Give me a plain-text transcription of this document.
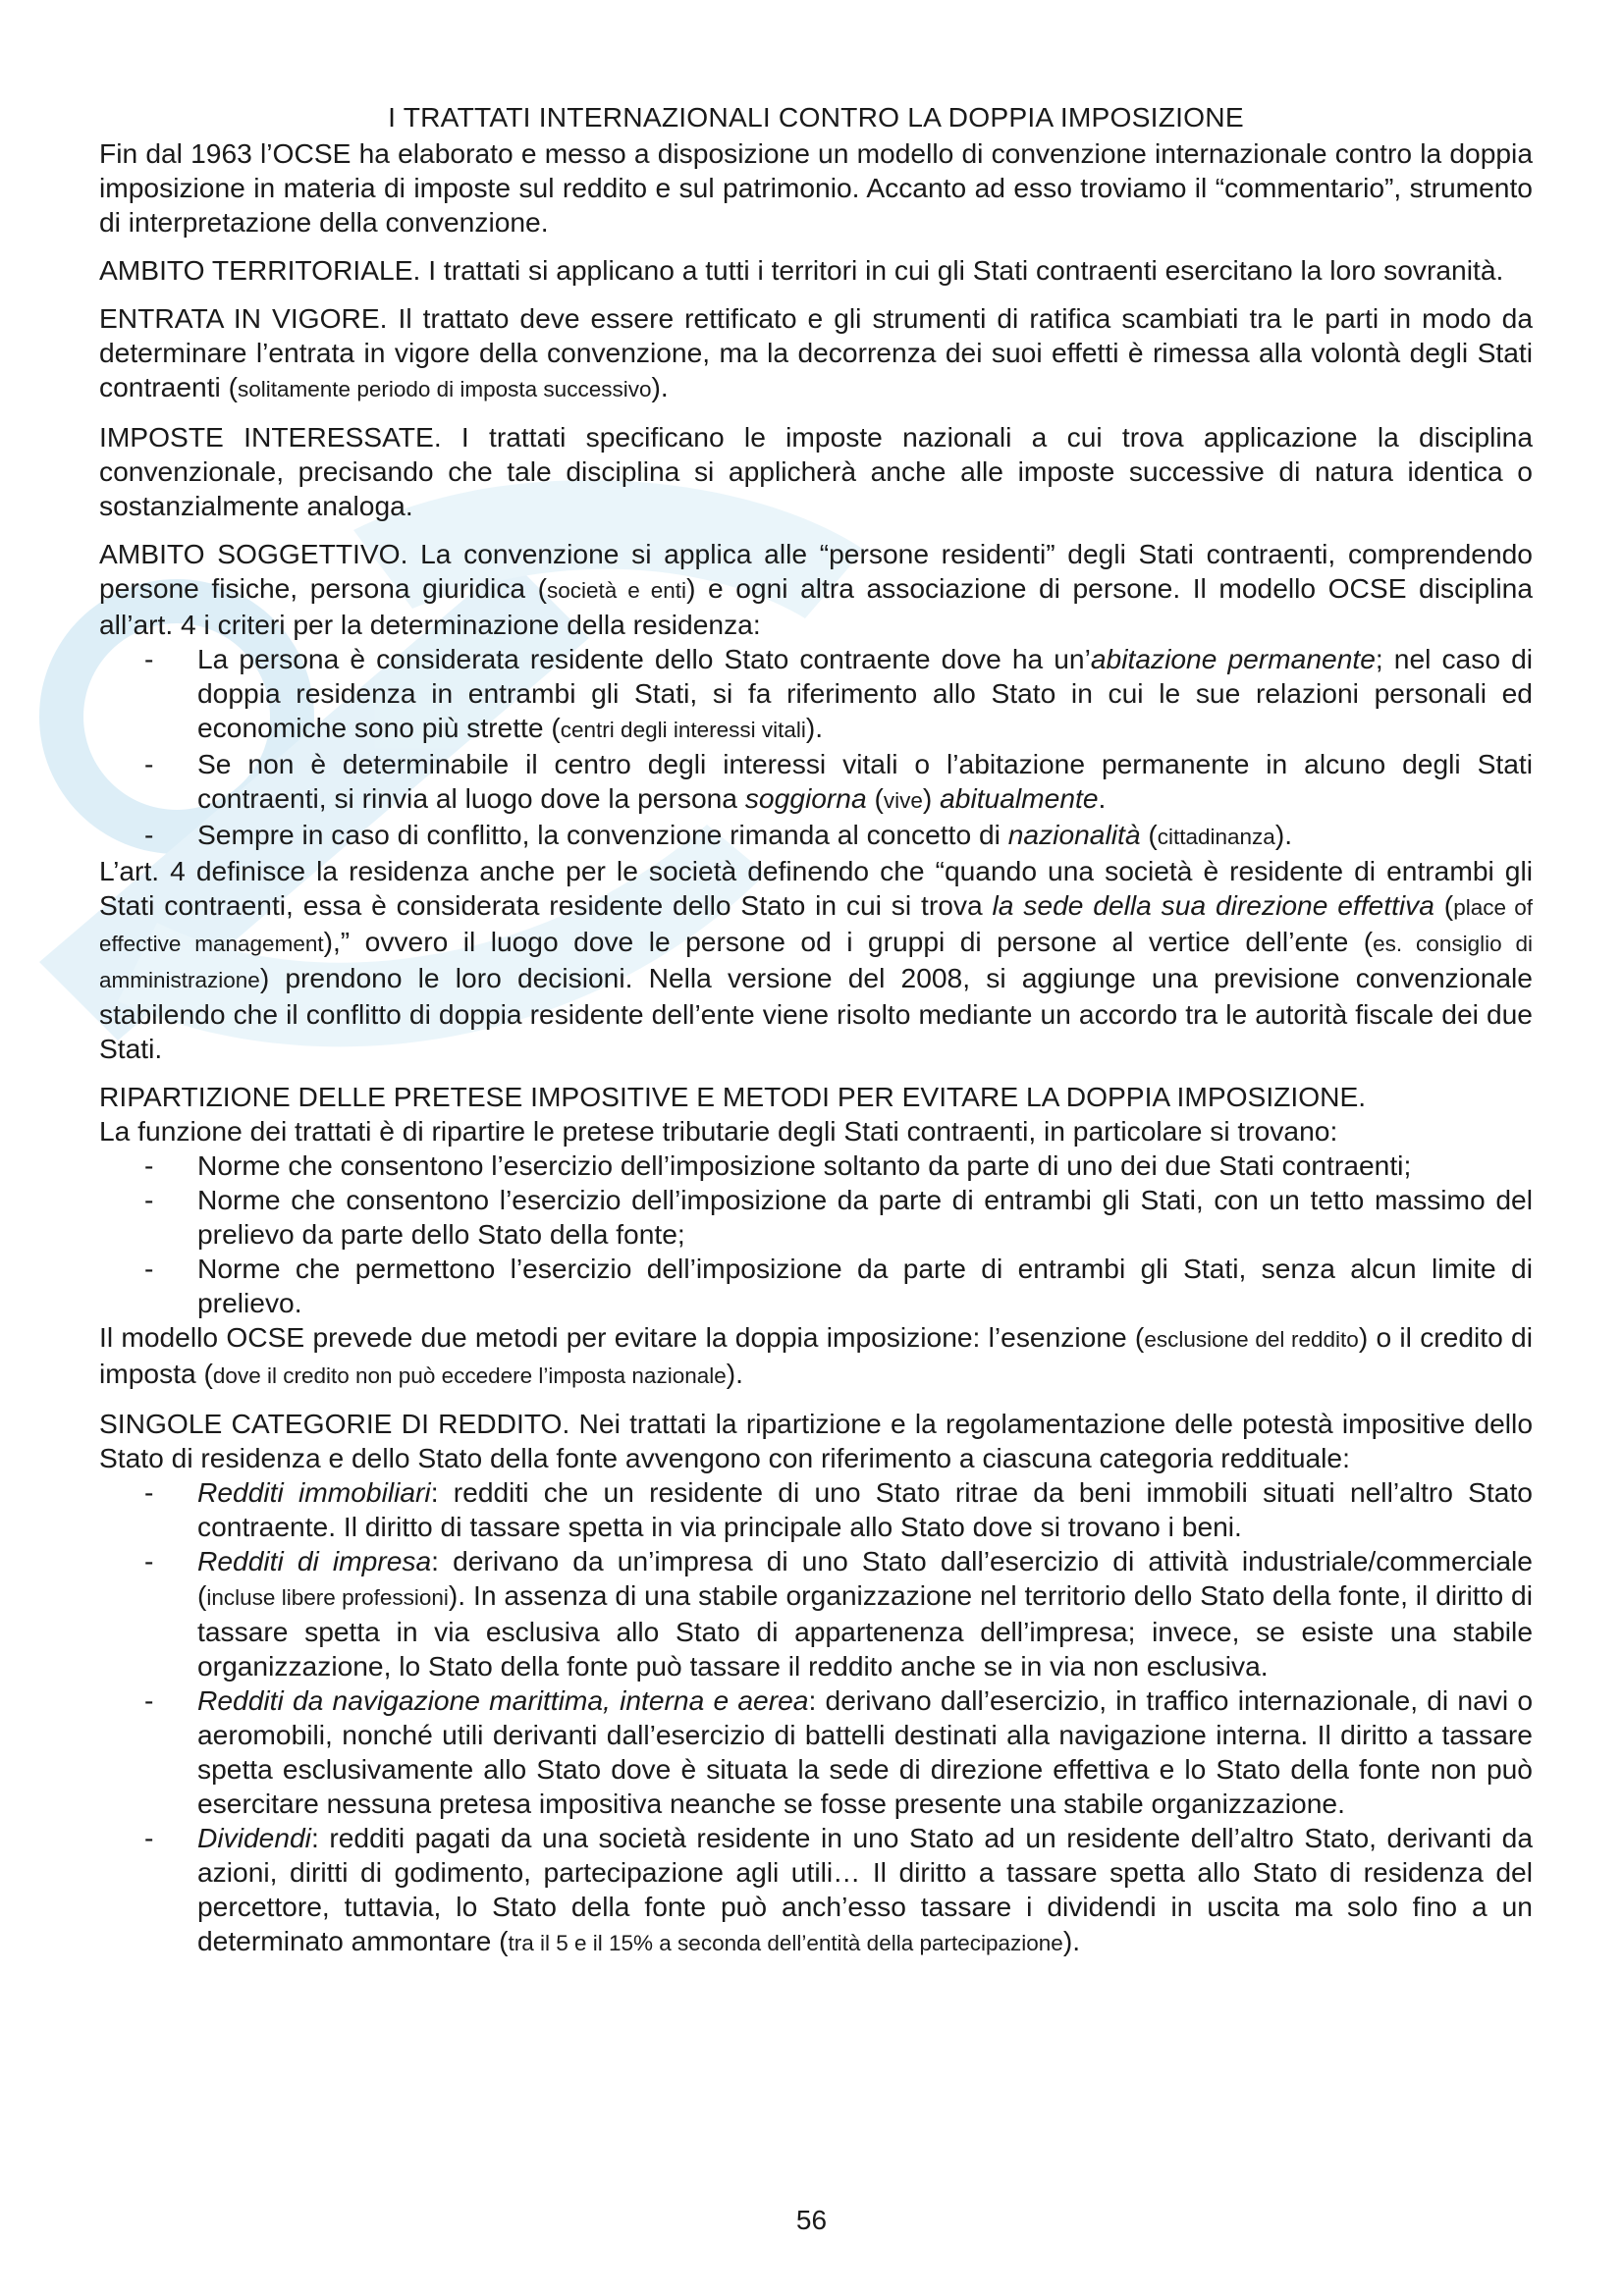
I TRATTATI INTERNAZIONALI CONTRO LA DOPPIA IMPOSIZIONE

Fin dal 1963 l’OCSE ha elaborato e messo a disposizione un modello di convenzione internazionale contro la doppia imposizione in materia di imposte sul reddito e sul patrimonio. Accanto ad esso troviamo il “commentario”, strumento di interpretazione della convenzione.

AMBITO TERRITORIALE. I trattati si applicano a tutti i territori in cui gli Stati contraenti esercitano la loro sovranità.

ENTRATA IN VIGORE. Il trattato deve essere rettificato e gli strumenti di ratifica scambiati tra le parti in modo da determinare l’entrata in vigore della convenzione, ma la decorrenza dei suoi effetti è rimessa alla volontà degli Stati contraenti (solitamente periodo di imposta successivo).

IMPOSTE INTERESSATE. I trattati specificano le imposte nazionali a cui trova applicazione la disciplina convenzionale, precisando che tale disciplina si applicherà anche alle imposte successive di natura identica o sostanzialmente analoga.

AMBITO SOGGETTIVO. La convenzione si applica alle “persone residenti” degli Stati contraenti, comprendendo persone fisiche, persona giuridica (società e enti) e ogni altra associazione di persone. Il modello OCSE disciplina all’art. 4 i criteri per la determinazione della residenza:

- La persona è considerata residente dello Stato contraente dove ha un’abitazione permanente; nel caso di doppia residenza in entrambi gli Stati, si fa riferimento allo Stato in cui le sue relazioni personali ed economiche sono più strette (centri degli interessi vitali).
- Se non è determinabile il centro degli interessi vitali o l’abitazione permanente in alcuno degli Stati contraenti, si rinvia al luogo dove la persona soggiorna (vive) abitualmente.
- Sempre in caso di conflitto, la convenzione rimanda al concetto di nazionalità (cittadinanza).

L’art. 4 definisce la residenza anche per le società definendo che “quando una società è residente di entrambi gli Stati contraenti, essa è considerata residente dello Stato in cui si trova la sede della sua direzione effettiva (place of effective management),” ovvero il luogo dove le persone od i gruppi di persone al vertice dell’ente (es. consiglio di amministrazione) prendono le loro decisioni. Nella versione del 2008, si aggiunge una previsione convenzionale stabilendo che il conflitto di doppia residente dell’ente viene risolto mediante un accordo tra le autorità fiscale dei due Stati.

RIPARTIZIONE DELLE PRETESE IMPOSITIVE E METODI PER EVITARE LA DOPPIA IMPOSIZIONE.

La funzione dei trattati è di ripartire le pretese tributarie degli Stati contraenti, in particolare si trovano:

- Norme che consentono l’esercizio dell’imposizione soltanto da parte di uno dei due Stati contraenti;
- Norme che consentono l’esercizio dell’imposizione da parte di entrambi gli Stati, con un tetto massimo del prelievo da parte dello Stato della fonte;
- Norme che permettono l’esercizio dell’imposizione da parte di entrambi gli Stati, senza alcun limite di prelievo.

Il modello OCSE prevede due metodi per evitare la doppia imposizione: l’esenzione (esclusione del reddito) o il credito di imposta (dove il credito non può eccedere l’imposta nazionale).

SINGOLE CATEGORIE DI REDDITO. Nei trattati la ripartizione e la regolamentazione delle potestà impositive dello Stato di residenza e dello Stato della fonte avvengono con riferimento a ciascuna categoria reddituale:

- Redditi immobiliari: redditi che un residente di uno Stato ritrae da beni immobili situati nell’altro Stato contraente. Il diritto di tassare spetta in via principale allo Stato dove si trovano i beni.
- Redditi di impresa: derivano da un’impresa di uno Stato dall’esercizio di attività industriale/commerciale (incluse libere professioni). In assenza di una stabile organizzazione nel territorio dello Stato della fonte, il diritto di tassare spetta in via esclusiva allo Stato di appartenenza dell’impresa; invece, se esiste una stabile organizzazione, lo Stato della fonte può tassare il reddito anche se in via non esclusiva.
- Redditi da navigazione marittima, interna e aerea: derivano dall’esercizio, in traffico internazionale, di navi o aeromobili, nonché utili derivanti dall’esercizio di battelli destinati alla navigazione interna. Il diritto a tassare spetta esclusivamente allo Stato dove è situata la sede di direzione effettiva e lo Stato della fonte non può esercitare nessuna pretesa impositiva neanche se fosse presente una stabile organizzazione.
- Dividendi: redditi pagati da una società residente in uno Stato ad un residente dell’altro Stato, derivanti da azioni, diritti di godimento, partecipazione agli utili… Il diritto a tassare spetta allo Stato di residenza del percettore, tuttavia, lo Stato della fonte può anch’esso tassare i dividendi in uscita ma solo fino a un determinato ammontare (tra il 5 e il 15% a seconda dell’entità della partecipazione).
56
